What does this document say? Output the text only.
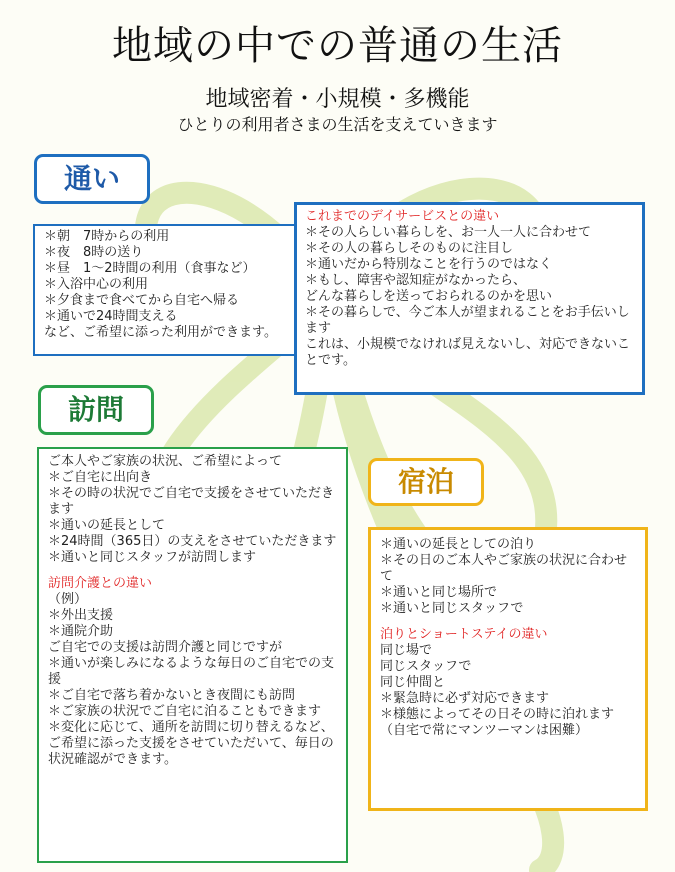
地域の中での普通の生活
地域密着・小規模・多機能
ひとりの利用者さまの生活を支えていきます
通い

＊朝　7時からの利用

＊夜　8時の送り

＊昼　1～2時間の利用（食事など）

＊入浴中心の利用

＊夕食まで食べてから自宅へ帰る

＊通いで24時間支える

など、ご希望に添った利用ができます。

これまでのデイサービスとの違い

＊その人らしい暮らしを、お一人一人に合わせて

＊その人の暮らしそのものに注目し

＊通いだから特別なことを行うのではなく

＊もし、障害や認知症がなかったら、

どんな暮らしを送っておられるのかを思い

＊その暮らしで、今ご本人が望まれることをお手伝いします

これは、小規模でなければ見えないし、対応できないことです。

訪問

ご本人やご家族の状況、ご希望によって

＊ご自宅に出向き

＊その時の状況でご自宅で支援をさせていただきます

＊通いの延長として

＊24時間（365日）の支えをさせていただきます

＊通いと同じスタッフが訪問します

訪問介護との違い

（例）

＊外出支援

＊通院介助

ご自宅での支援は訪問介護と同じですが

＊通いが楽しみになるような毎日のご自宅での支援

＊ご自宅で落ち着かないとき夜間にも訪問

＊ご家族の状況でご自宅に泊ることもできます

＊変化に応じて、通所を訪問に切り替えるなど、ご希望に添った支援をさせていただいて、毎日の状況確認ができます。

宿泊

＊通いの延長としての泊り

＊その日のご本人やご家族の状況に合わせて

＊通いと同じ場所で

＊通いと同じスタッフで

泊りとショートステイの違い

同じ場で

同じスタッフで

同じ仲間と

＊緊急時に必ず対応できます

＊様態によってその日その時に泊れます

（自宅で常にマンツーマンは困難）
